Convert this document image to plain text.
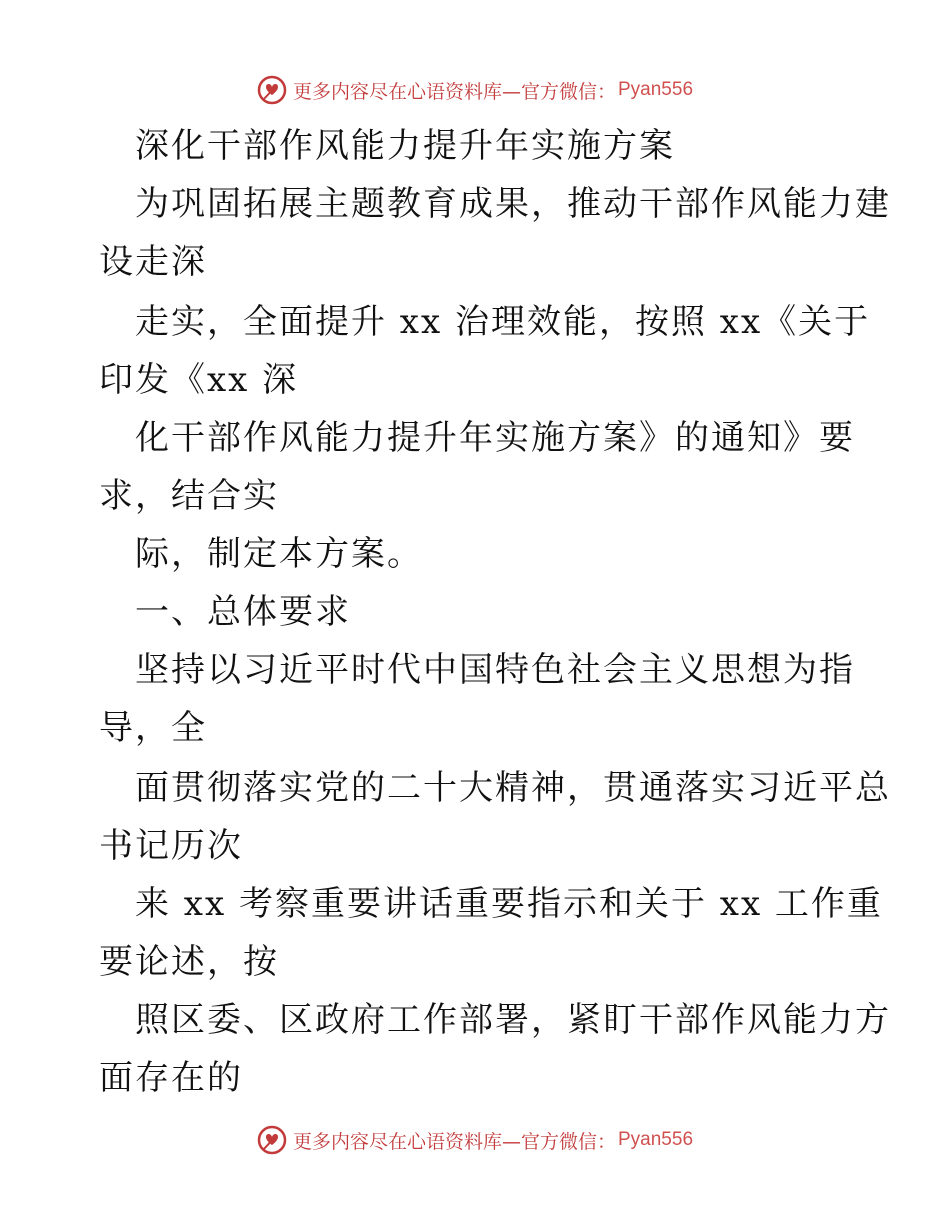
更多内容尽在心语资料库—官方微信： Pyan556
深化干部作风能力提升年实施方案
为巩固拓展主题教育成果，推动干部作风能力建
设走深
走实，全面提升 xx 治理效能，按照 xx《关于
印发《xx 深
化干部作风能力提升年实施方案》的通知》要
求，结合实
际，制定本方案。
一、总体要求
坚持以习近平时代中国特色社会主义思想为指
导，全
面贯彻落实党的二十大精神，贯通落实习近平总
书记历次
来 xx 考察重要讲话重要指示和关于 xx 工作重
要论述，按
照区委、区政府工作部署，紧盯干部作风能力方
面存在的
更多内容尽在心语资料库—官方微信： Pyan556
